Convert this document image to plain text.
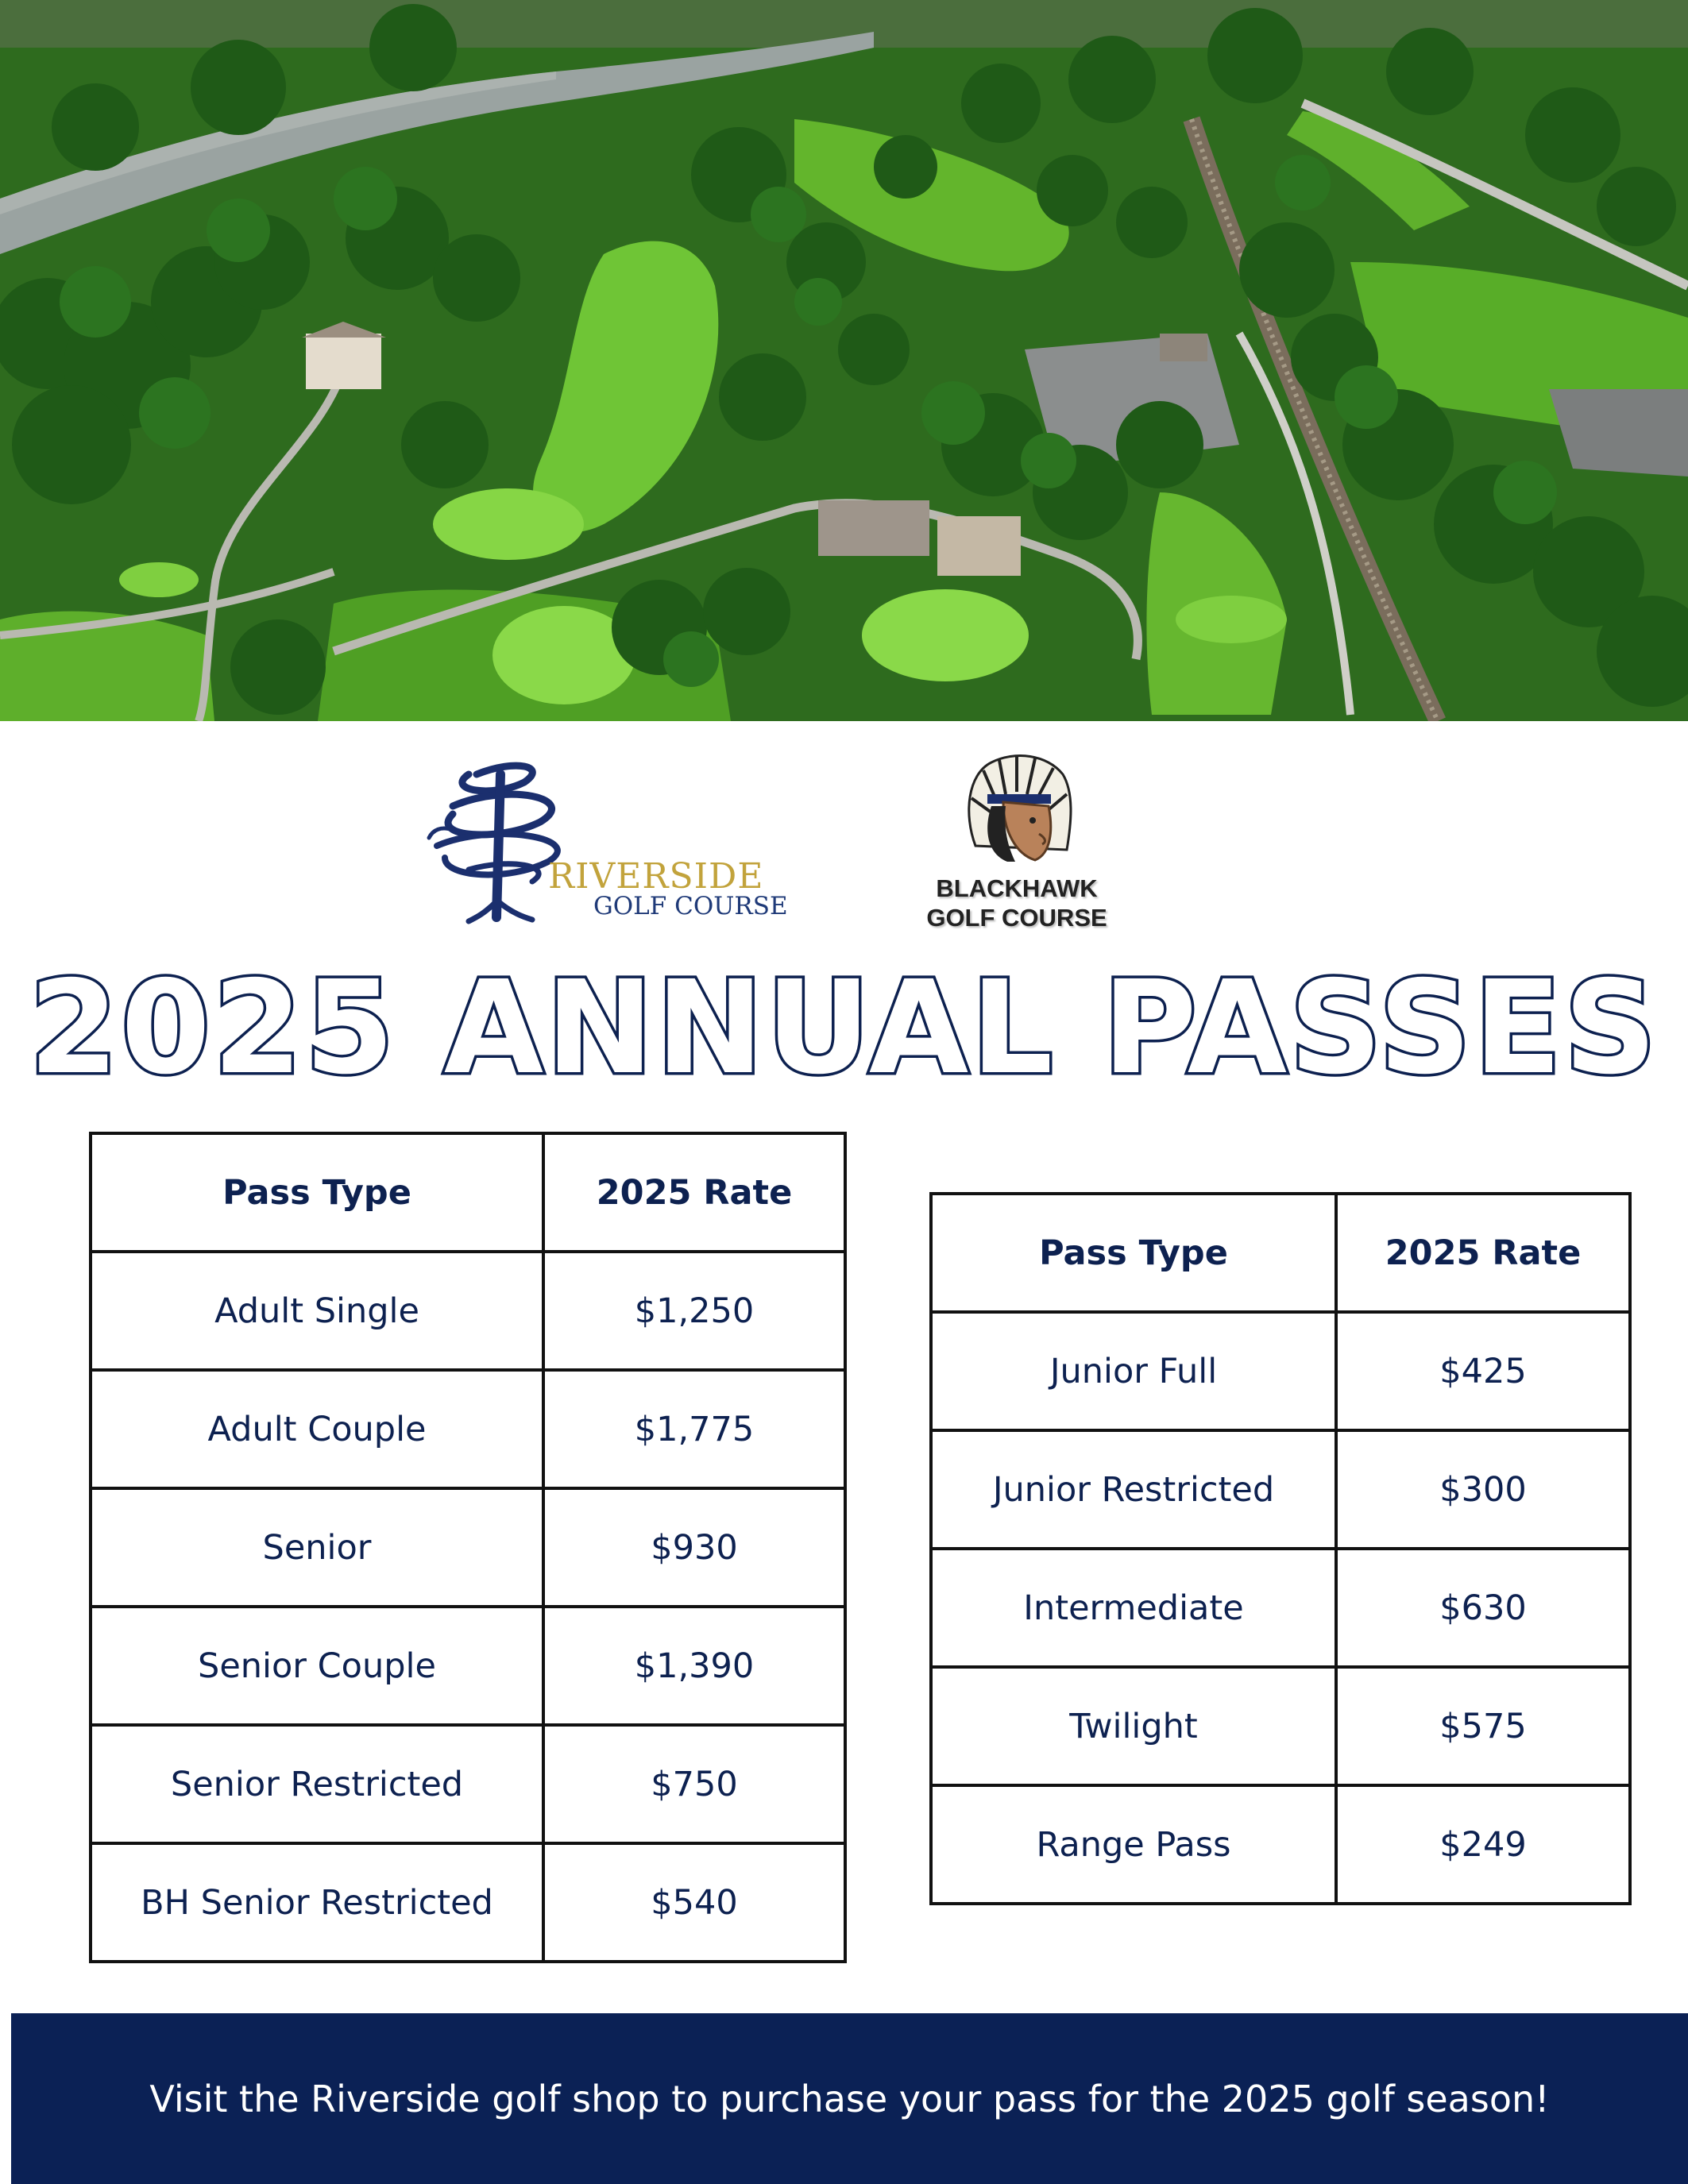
RIVERSIDE
GOLF COURSE
BLACKHAWK
GOLF COURSE
2025 ANNUAL PASSES
Pass Type	2025 Rate
Adult Single	$1,250
Adult Couple	$1,775
Senior	$930
Senior Couple	$1,390
Senior Restricted	$750
BH Senior Restricted	$540
Pass Type	2025 Rate
Junior Full	$425
Junior Restricted	$300
Intermediate	$630
Twilight	$575
Range Pass	$249
Visit the Riverside golf shop to purchase your pass for the 2025 golf season!
